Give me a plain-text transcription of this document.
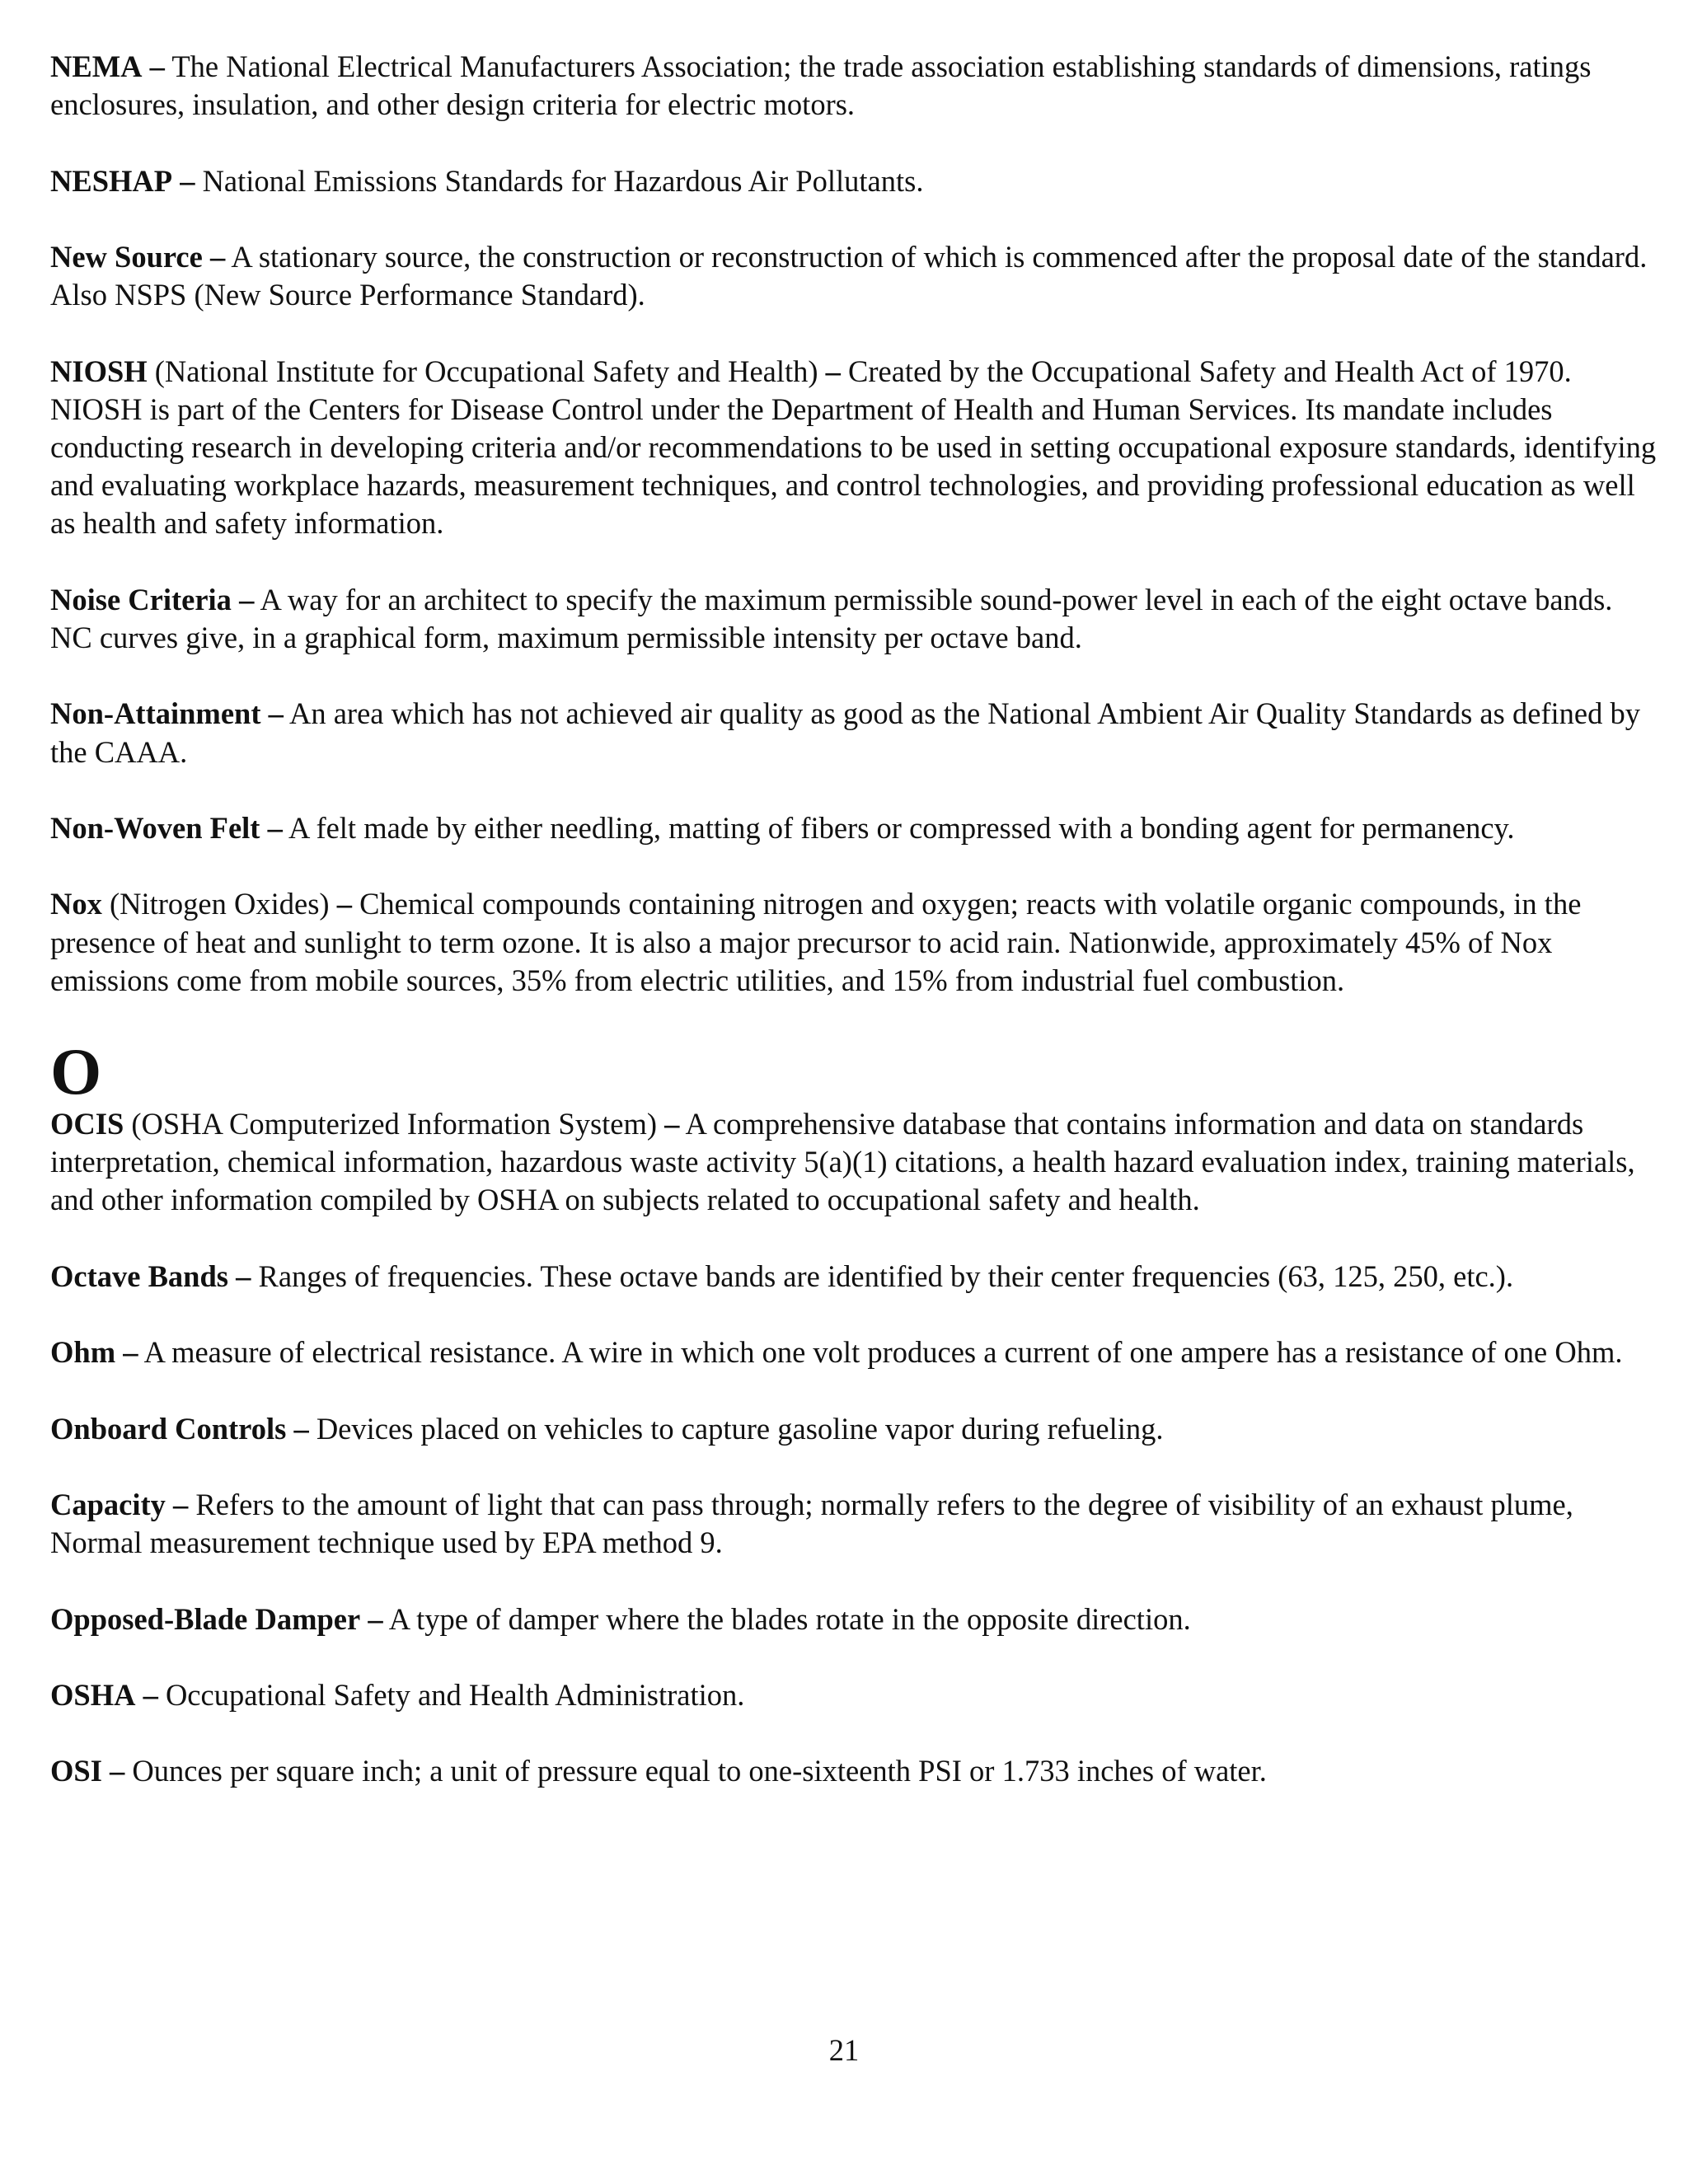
NEMA – The National Electrical Manufacturers Association; the trade association establishing standards of dimensions, ratings enclosures, insulation, and other design criteria for electric motors.

NESHAP – National Emissions Standards for Hazardous Air Pollutants.

New Source – A stationary source, the construction or reconstruction of which is commenced after the proposal date of the standard. Also NSPS (New Source Performance Standard).

NIOSH (National Institute for Occupational Safety and Health) – Created by the Occupational Safety and Health Act of 1970. NIOSH is part of the Centers for Disease Control under the Department of Health and Human Services. Its mandate includes conducting research in developing criteria and/or recommendations to be used in setting occupational exposure standards, identifying and evaluating workplace hazards, measurement techniques, and control technologies, and providing professional education as well as health and safety information.

Noise Criteria – A way for an architect to specify the maximum permissible sound-power level in each of the eight octave bands. NC curves give, in a graphical form, maximum permissible intensity per octave band.

Non-Attainment – An area which has not achieved air quality as good as the National Ambient Air Quality Standards as defined by the CAAA.

Non-Woven Felt – A felt made by either needling, matting of fibers or compressed with a bonding agent for permanency.

Nox (Nitrogen Oxides) – Chemical compounds containing nitrogen and oxygen; reacts with volatile organic compounds, in the presence of heat and sunlight to term ozone. It is also a major precursor to acid rain. Nationwide, approximately 45% of Nox emissions come from mobile sources, 35% from electric utilities, and 15% from industrial fuel combustion.

O

OCIS (OSHA Computerized Information System) – A comprehensive database that contains information and data on standards interpretation, chemical information, hazardous waste activity 5(a)(1) citations, a health hazard evaluation index, training materials, and other information compiled by OSHA on subjects related to occupational safety and health.

Octave Bands – Ranges of frequencies. These octave bands are identified by their center frequencies (63, 125, 250, etc.).

Ohm – A measure of electrical resistance. A wire in which one volt produces a current of one ampere has a resistance of one Ohm.

Onboard Controls – Devices placed on vehicles to capture gasoline vapor during refueling.

Capacity – Refers to the amount of light that can pass through; normally refers to the degree of visibility of an exhaust plume, Normal measurement technique used by EPA method 9.

Opposed-Blade Damper – A type of damper where the blades rotate in the opposite direction.

OSHA – Occupational Safety and Health Administration.

OSI – Ounces per square inch; a unit of pressure equal to one-sixteenth PSI or 1.733 inches of water.

21
